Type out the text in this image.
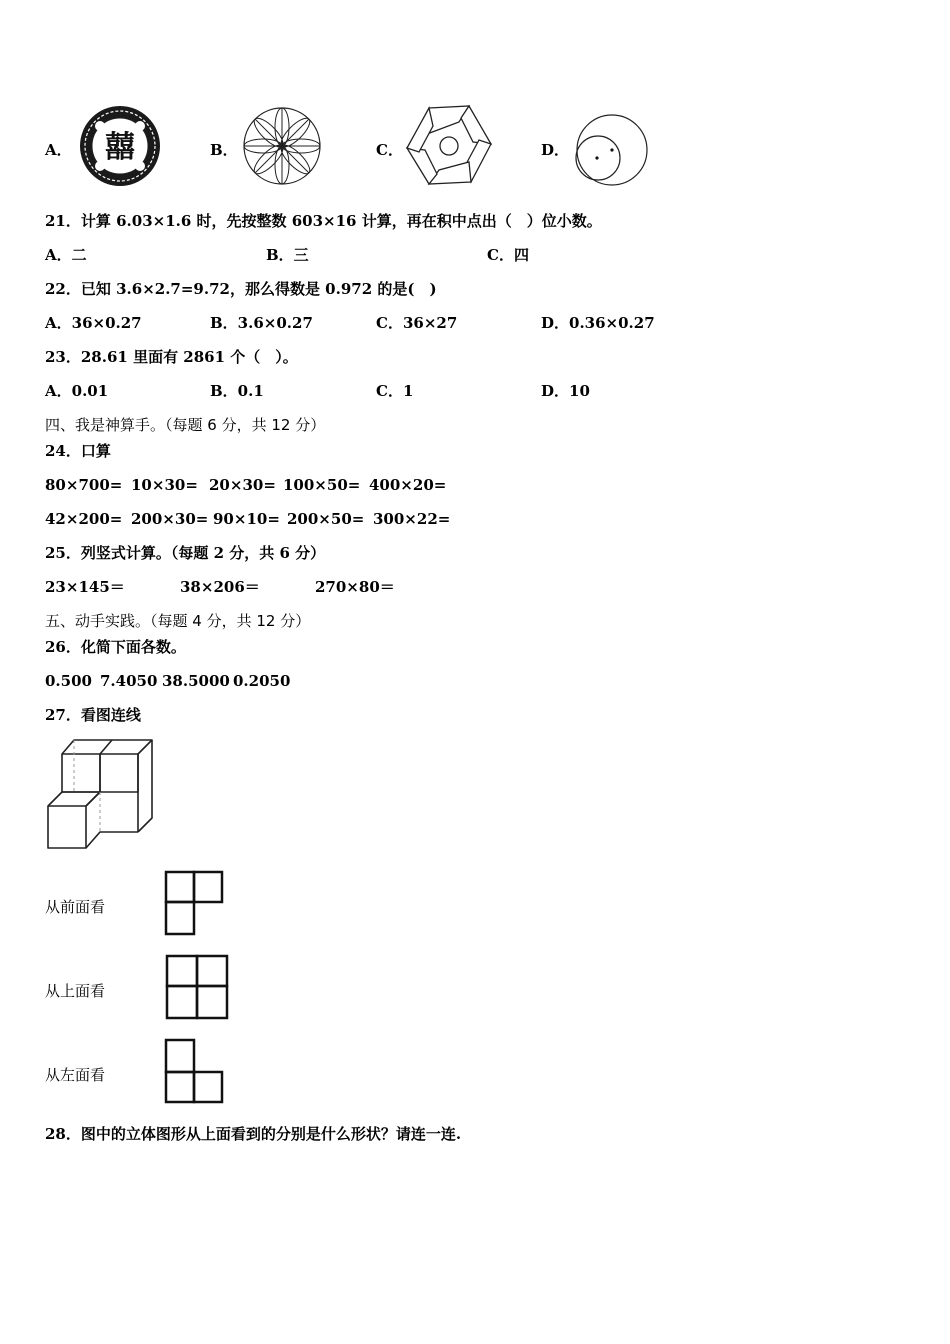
A． 囍	B．	C．	D．
21．计算 6.03×1.6 时，先按整数 603×16 计算，再在积中点出（　）位小数。
A．二	B．三	C．四
22．已知 3.6×2.7=9.72，那么得数是 0.972 的是(　)
A．36×0.27	B．3.6×0.27	C．36×27	D．0.36×0.27
23．28.61 里面有 2861 个（　）。
A．0.01	B．0.1	C．1	D．10
四、我是神算手。（每题 6 分，共 12 分）
24．口算
80×700= 10×30= 20×30= 100×50= 400×20=
42×200= 200×30= 90×10= 200×50= 300×22=
25．列竖式计算。（每题 2 分，共 6 分）
23×145＝	38×206＝	270×80＝
五、动手实践。（每题 4 分，共 12 分）
26．化简下面各数。
0.500 7.4050 38.5000 0.2050
27．看图连线
从前面看
从上面看
从左面看
28．图中的立体图形从上面看到的分别是什么形状？请连一连.
